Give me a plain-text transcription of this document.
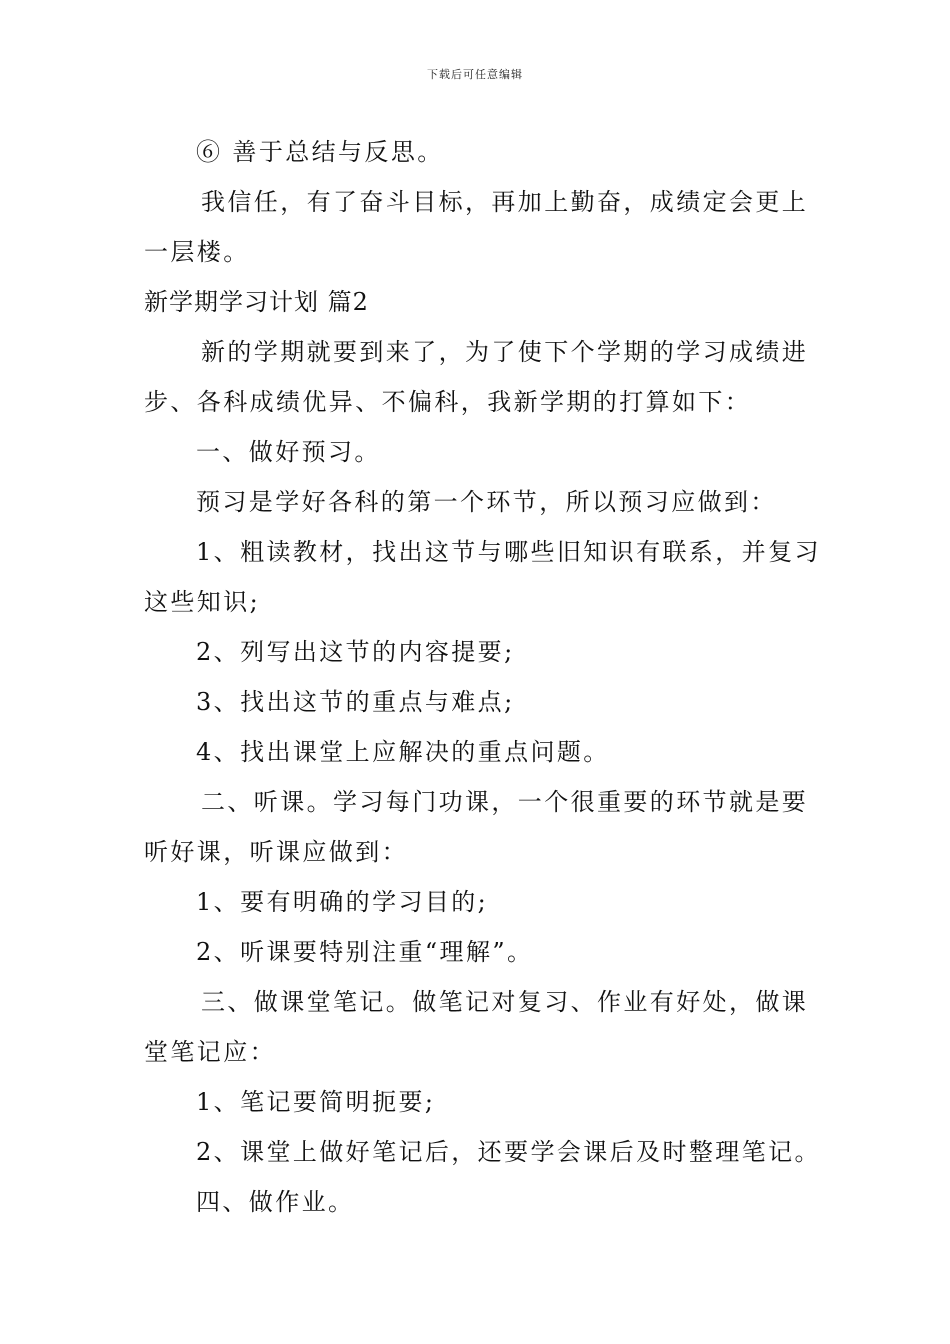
下载后可任意编辑
⑥ 善于总结与反思。
我信任，有了奋斗目标，再加上勤奋，成绩定会更上
一层楼。
新学期学习计划 篇2
新的学期就要到来了，为了使下个学期的学习成绩进
步、各科成绩优异、不偏科，我新学期的打算如下：
一、做好预习。
预习是学好各科的第一个环节，所以预习应做到：
1、粗读教材，找出这节与哪些旧知识有联系，并复习
这些知识;
2、列写出这节的内容提要;
3、找出这节的重点与难点;
4、找出课堂上应解决的重点问题。
二、听课。学习每门功课，一个很重要的环节就是要
听好课，听课应做到：
1、要有明确的学习目的;
2、听课要特别注重“理解”。
三、做课堂笔记。做笔记对复习、作业有好处，做课
堂笔记应：
1、笔记要简明扼要;
2、课堂上做好笔记后，还要学会课后及时整理笔记。
四、做作业。
